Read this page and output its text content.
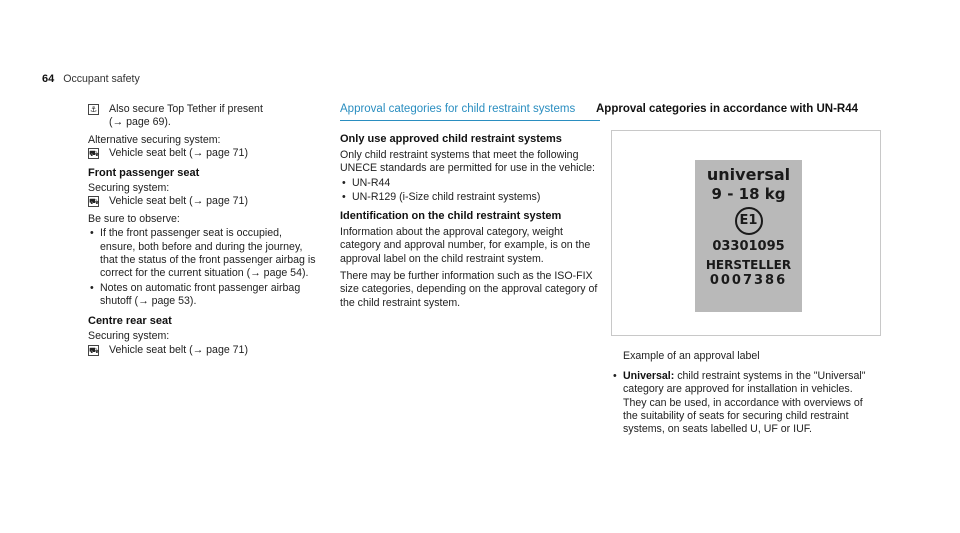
64 Occupant safety
⚓ Also secure Top Tether if present

(→ page 69).

Alternative securing system:

⛟ Vehicle seat belt (→ page 71)
Front passenger seat

Securing system:

⛟ Vehicle seat belt (→ page 71)

Be sure to observe:

• If the front passenger seat is occupied, ensure, both before and during the journey, that the status of the front passenger airbag is correct for the current situation (→ page 54).
• Notes on automatic front passenger airbag shutoff (→ page 53).
Centre rear seat

Securing system:

⛟ Vehicle seat belt (→ page 71)
Approval categories for child restraint systems
Only use approved child restraint systems

Only child restraint systems that meet the following UNECE standards are permitted for use in the vehicle:

• UN-R44
• UN-R129 (i-Size child restraint systems)
Identification on the child restraint system

Information about the approval category, weight category and approval number, for example, is on the approval label on the child restraint system.

There may be further information such as the ISO-FIX size categories, depending on the approval category of the child restraint system.

Approval categories in accordance with UN-R44
universal
9 - 18 kg
E1
03301095
HERSTELLER
0007386

Example of an approval label

• Universal: child restraint systems in the "Universal" category are approved for installation in vehicles. They can be used, in accordance with overviews of the suitability of seats for securing child restraint systems, on seats labelled U, UF or IUF.
